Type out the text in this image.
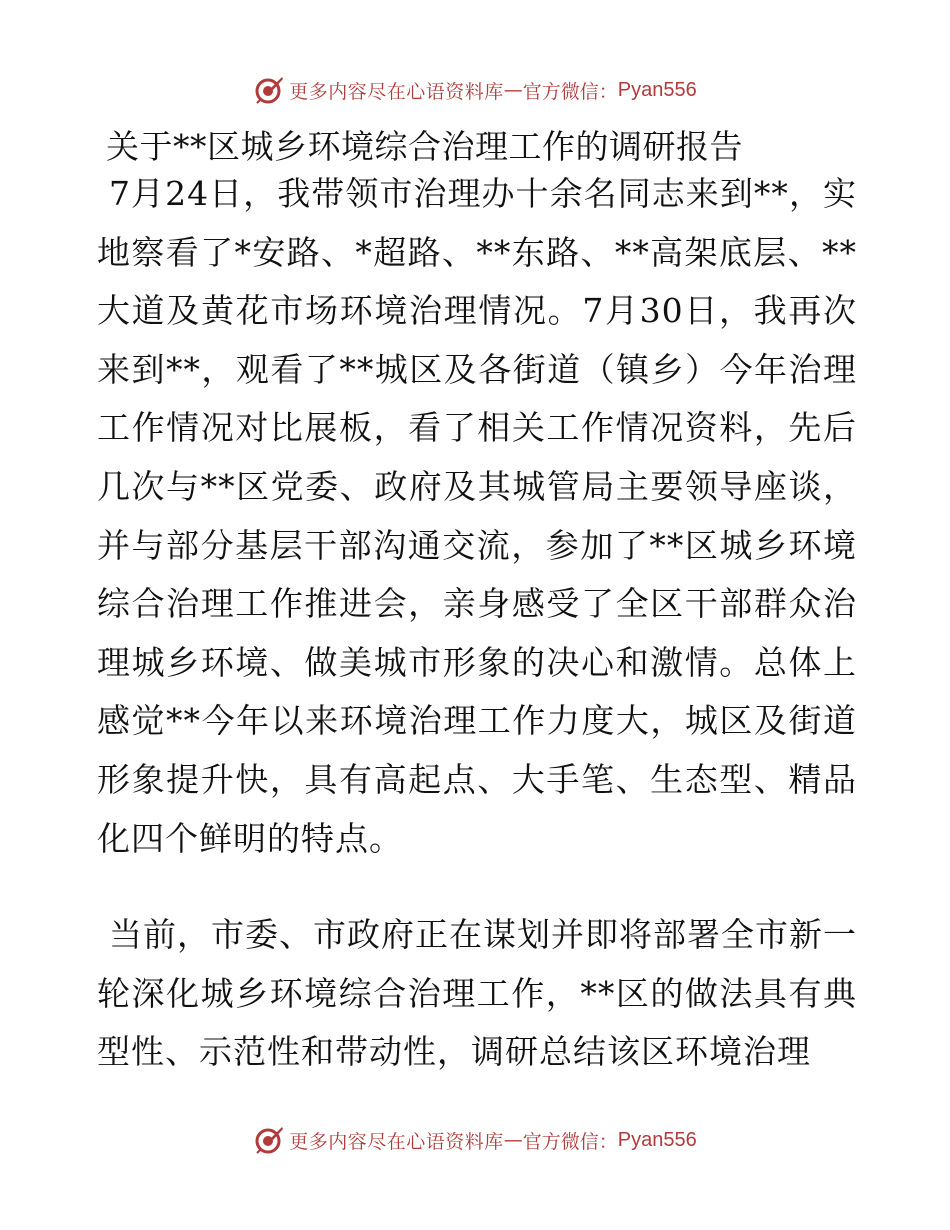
更多内容尽在心语资料库 — 官方微信： Pyan556
关于**区城乡环境综合治理工作的调研报告

7月24日，我带领市治理办十余名同志来到**，实地察看了*安路、*超路、**东路、**高架底层、**大道及黄花市场环境治理情况。7月30日，我再次来到**，观看了**城区及各街道（镇乡）今年治理工作情况对比展板，看了相关工作情况资料，先后几次与**区党委、政府及其城管局主要领导座谈，并与部分基层干部沟通交流，参加了**区城乡环境综合治理工作推进会，亲身感受了全区干部群众治理城乡环境、做美城市形象的决心和激情。总体上感觉**今年以来环境治理工作力度大，城区及街道形象提升快，具有高起点、大手笔、生态型、精品化四个鲜明的特点。

当前，市委、市政府正在谋划并即将部署全市新一轮深化城乡环境综合治理工作，**区的做法具有典型性、示范性和带动性，调研总结该区环境治理

更多内容尽在心语资料库 — 官方微信： Pyan556
